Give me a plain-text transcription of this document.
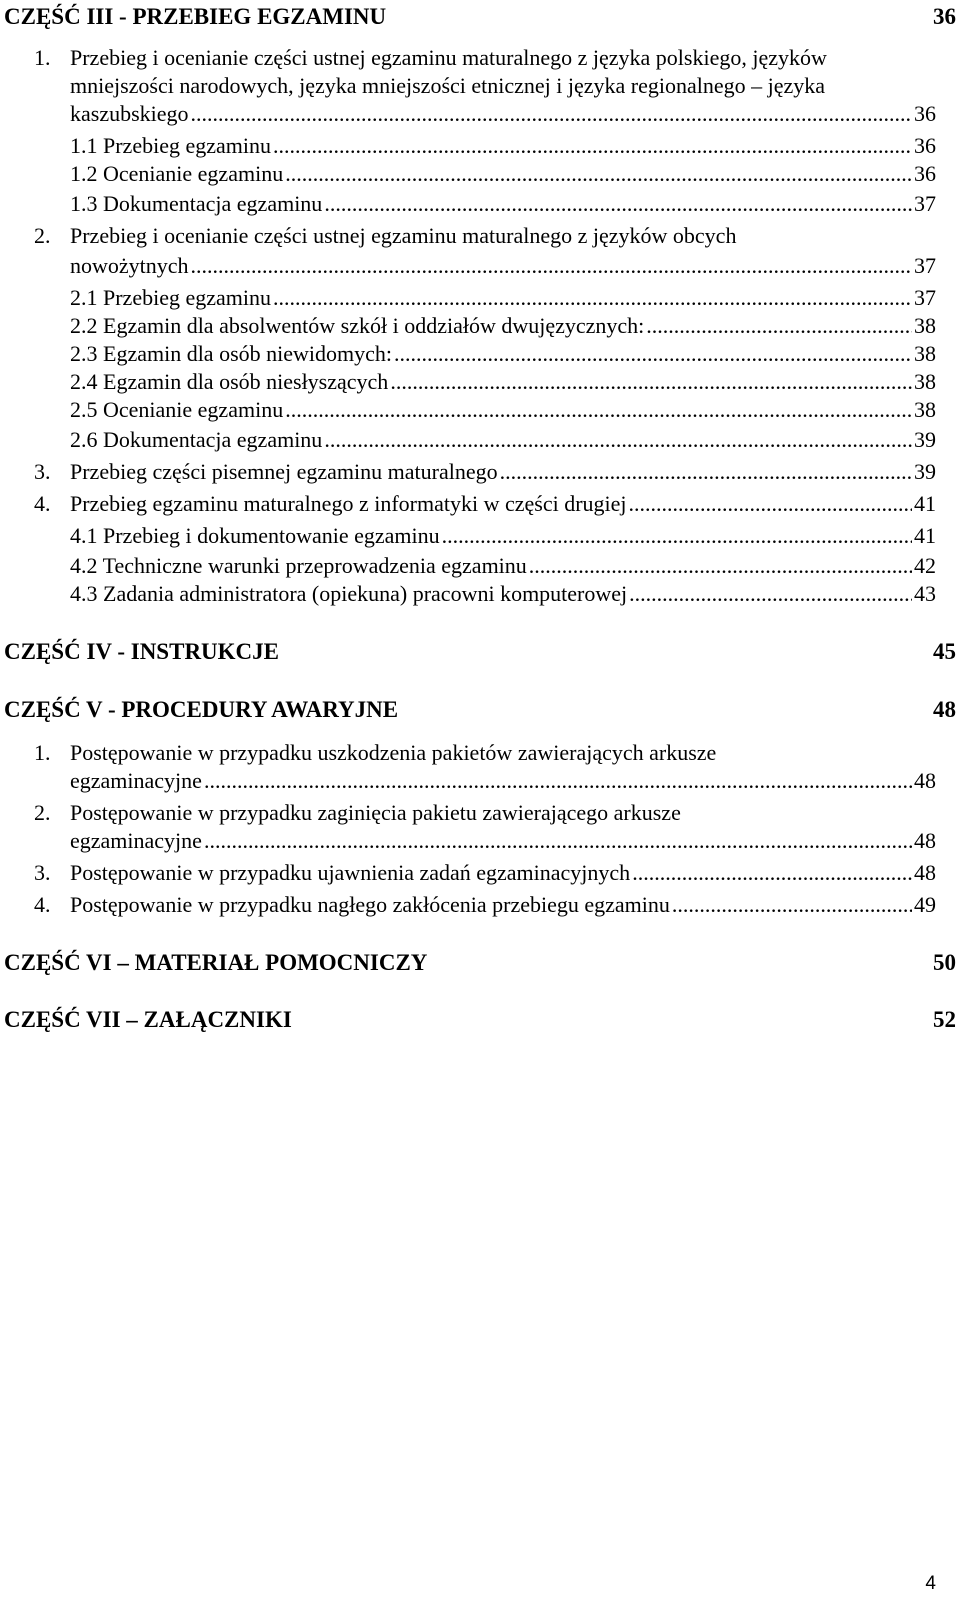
CZĘŚĆ III - PRZEBIEG EGZAMINU	36
1. Przebieg i ocenianie części ustnej egzaminu maturalnego z języka polskiego, języków
mniejszości narodowych, języka mniejszości etnicznej i języka regionalnego – języka
kaszubskiego .....	36
1.1 Przebieg egzaminu .....	36
1.2 Ocenianie egzaminu .....	36
1.3 Dokumentacja egzaminu .....	37
2. Przebieg i ocenianie części ustnej egzaminu maturalnego z języków obcych
nowożytnych .....	37
2.1 Przebieg egzaminu .....	37
2.2 Egzamin dla absolwentów szkół i oddziałów dwujęzycznych: .....	38
2.3 Egzamin dla osób niewidomych: .....	38
2.4 Egzamin dla osób niesłyszących .....	38
2.5 Ocenianie egzaminu .....	38
2.6 Dokumentacja egzaminu .....	39
3. Przebieg części pisemnej egzaminu maturalnego .....	39
4. Przebieg egzaminu maturalnego z informatyki w części drugiej .....	41
4.1 Przebieg i dokumentowanie egzaminu .....	41
4.2 Techniczne warunki przeprowadzenia egzaminu .....	42
4.3 Zadania administratora (opiekuna) pracowni komputerowej .....	43
CZĘŚĆ IV - INSTRUKCJE	45
CZĘŚĆ V - PROCEDURY AWARYJNE	48
1. Postępowanie w przypadku uszkodzenia pakietów zawierających arkusze
egzaminacyjne .....	48
2. Postępowanie w przypadku zaginięcia pakietu zawierającego arkusze
egzaminacyjne .....	48
3. Postępowanie w przypadku ujawnienia zadań egzaminacyjnych .....	48
4. Postępowanie w przypadku nagłego zakłócenia przebiegu egzaminu .....	49
CZĘŚĆ VI – MATERIAŁ POMOCNICZY	50
CZĘŚĆ VII – ZAŁĄCZNIKI	52
4
